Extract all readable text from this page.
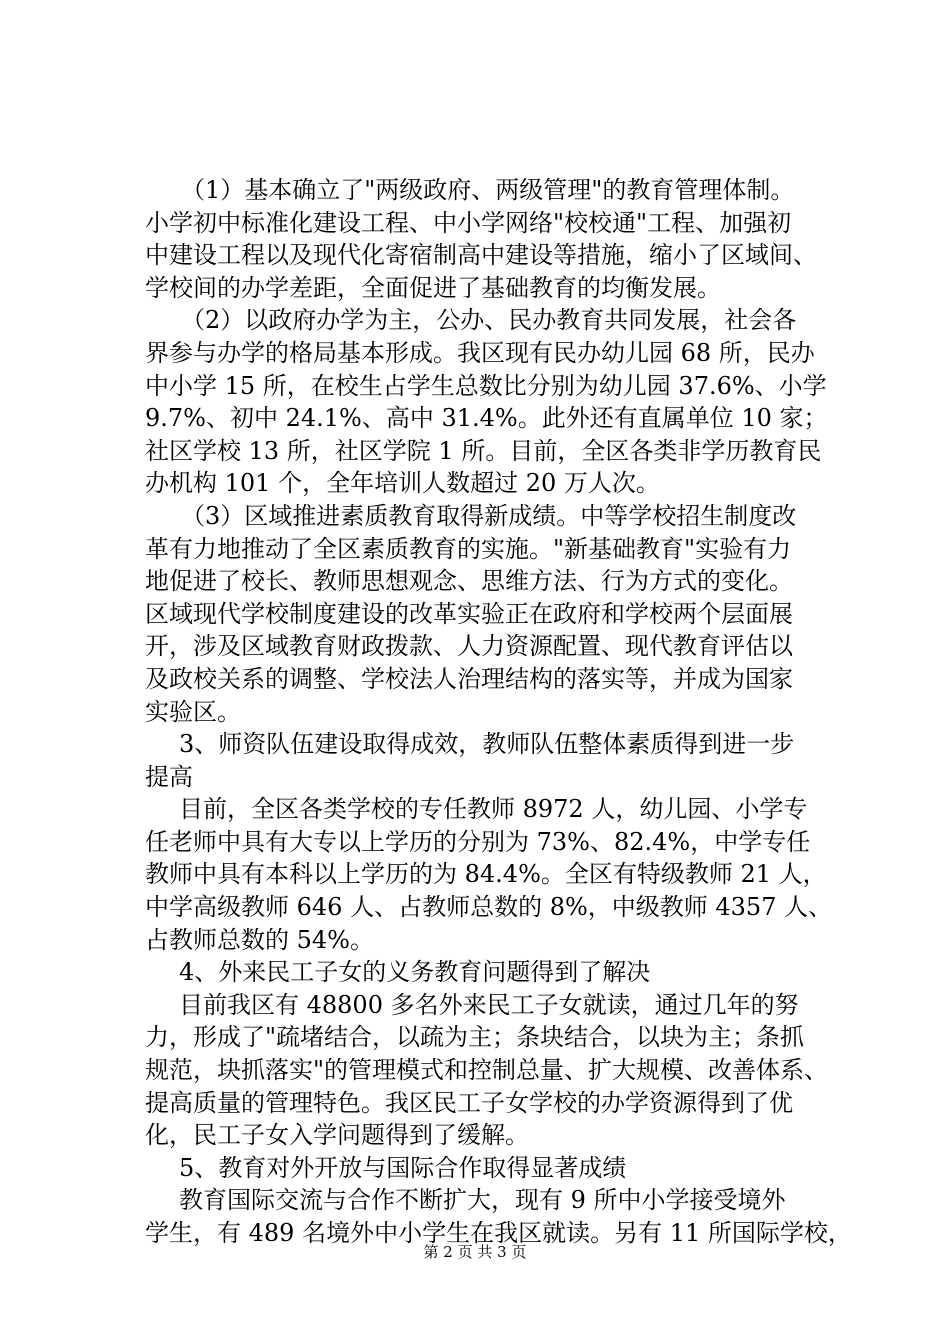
（1）基本确立了"两级政府、两级管理"的教育管理体制。
小学初中标准化建设工程、中小学网络"校校通"工程、加强初
中建设工程以及现代化寄宿制高中建设等措施，缩小了区域间、
学校间的办学差距，全面促进了基础教育的均衡发展。
（2）以政府办学为主，公办、民办教育共同发展，社会各
界参与办学的格局基本形成。我区现有民办幼儿园 68 所，民办
中小学 15 所，在校生占学生总数比分别为幼儿园 37.6%、小学
9.7%、初中 24.1%、高中 31.4%。此外还有直属单位 10 家；
社区学校 13 所，社区学院 1 所。目前，全区各类非学历教育民
办机构 101 个，全年培训人数超过 20 万人次。
（3）区域推进素质教育取得新成绩。中等学校招生制度改
革有力地推动了全区素质教育的实施。"新基础教育"实验有力
地促进了校长、教师思想观念、思维方法、行为方式的变化。
区域现代学校制度建设的改革实验正在政府和学校两个层面展
开，涉及区域教育财政拨款、人力资源配置、现代教育评估以
及政校关系的调整、学校法人治理结构的落实等，并成为国家
实验区。
3、师资队伍建设取得成效，教师队伍整体素质得到进一步
提高
目前，全区各类学校的专任教师 8972 人，幼儿园、小学专
任老师中具有大专以上学历的分别为 73%、82.4%，中学专任
教师中具有本科以上学历的为 84.4%。全区有特级教师 21 人，
中学高级教师 646 人、占教师总数的 8%，中级教师 4357 人、
占教师总数的 54%。
4、外来民工子女的义务教育问题得到了解决
目前我区有 48800 多名外来民工子女就读，通过几年的努
力，形成了"疏堵结合，以疏为主；条块结合，以块为主；条抓
规范，块抓落实"的管理模式和控制总量、扩大规模、改善体系、
提高质量的管理特色。我区民工子女学校的办学资源得到了优
化，民工子女入学问题得到了缓解。
5、教育对外开放与国际合作取得显著成绩
教育国际交流与合作不断扩大，现有 9 所中小学接受境外
学生，有 489 名境外中小学生在我区就读。另有 11 所国际学校，
第 2 页 共 3 页
